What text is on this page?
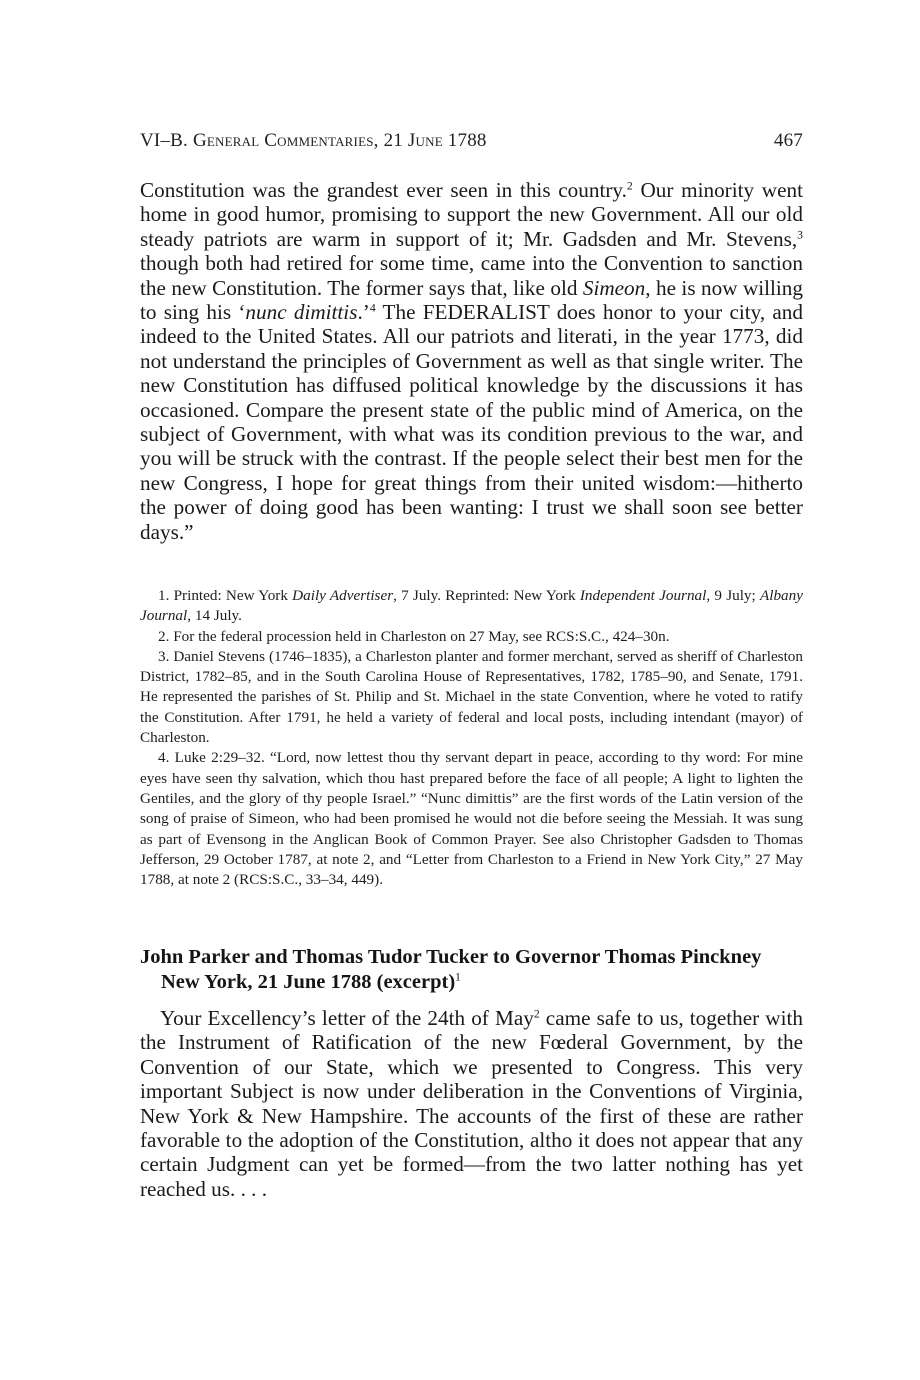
VI–B. General Commentaries, 21 June 1788	467

Constitution was the grandest ever seen in this country.$^2$ Our minority went home in good humor, promising to support the new Government. All our old steady patriots are warm in support of it; Mr. Gadsden and Mr. Stevens,$^3$ though both had retired for some time, came into the Convention to sanction the new Constitution. The former says that, like old Simeon, he is now willing to sing his ‘nunc dimittis.’$^4$ The FEDERALIST does honor to your city, and indeed to the United States. All our patriots and literati, in the year 1773, did not understand the principles of Government as well as that single writer. The new Constitution has diffused political knowledge by the discussions it has occasioned. Compare the present state of the public mind of America, on the subject of Government, with what was its condition previous to the war, and you will be struck with the contrast. If the people select their best men for the new Congress, I hope for great things from their united wisdom:—hitherto the power of doing good has been wanting: I trust we shall soon see better days.”

1. Printed: New York Daily Advertiser, 7 July. Reprinted: New York Independent Journal, 9 July; Albany Journal, 14 July.

2. For the federal procession held in Charleston on 27 May, see RCS:S.C., 424–30n.

3. Daniel Stevens (1746–1835), a Charleston planter and former merchant, served as sheriff of Charleston District, 1782–85, and in the South Carolina House of Representatives, 1782, 1785–90, and Senate, 1791. He represented the parishes of St. Philip and St. Michael in the state Convention, where he voted to ratify the Constitution. After 1791, he held a variety of federal and local posts, including intendant (mayor) of Charleston.

4. Luke 2:29–32. “Lord, now lettest thou thy servant depart in peace, according to thy word: For mine eyes have seen thy salvation, which thou hast prepared before the face of all people; A light to lighten the Gentiles, and the glory of thy people Israel.” “Nunc dimittis” are the first words of the Latin version of the song of praise of Simeon, who had been promised he would not die before seeing the Messiah. It was sung as part of Evensong in the Anglican Book of Common Prayer. See also Christopher Gadsden to Thomas Jefferson, 29 October 1787, at note 2, and “Letter from Charleston to a Friend in New York City,” 27 May 1788, at note 2 (RCS:S.C., 33–34, 449).

John Parker and Thomas Tudor Tucker to Governor Thomas Pinckney
New York, 21 June 1788 (excerpt)$^1$

Your Excellency’s letter of the 24th of May$^2$ came safe to us, together with the Instrument of Ratification of the new Fœderal Government, by the Convention of our State, which we presented to Congress. This very important Subject is now under deliberation in the Conventions of Virginia, New York & New Hampshire. The accounts of the first of these are rather favorable to the adoption of the Constitution, altho it does not appear that any certain Judgment can yet be formed—from the two latter nothing has yet reached us. . . .
